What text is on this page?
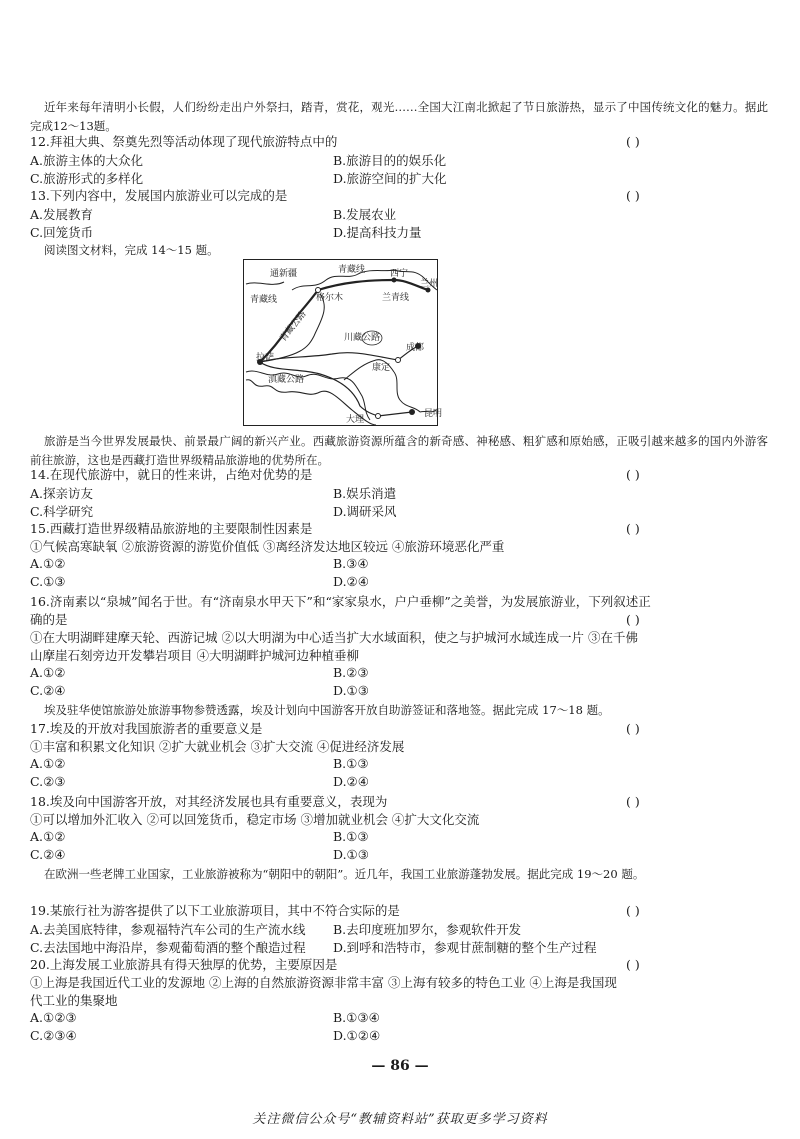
近年来每年清明小长假，人们纷纷走出户外祭扫，踏青，赏花，观光……全国大江南北掀起了节日旅游热，显示了中国传统文化的魅力。据此完成12～13题。
12.拜祖大典、祭奠先烈等活动体现了现代旅游特点中的	( )
A.旅游主体的大众化	B.旅游目的的娱乐化
C.旅游形式的多样化	D.旅游空间的扩大化
13.下列内容中，发展国内旅游业可以完成的是	( )
A.发展教育	B.发展农业
C.回笼货币	D.提高科技力量
阅读图文材料，完成 14～15 题。
通新疆	青藏线	西宁
兰州
青藏线	格尔木	兰青线
青藏公路	川藏公路
成都
拉萨
康定
滇藏公路
大理
昆明
旅游是当今世界发展最快、前景最广阔的新兴产业。西藏旅游资源所蕴含的新奇感、神秘感、粗犷感和原始感，正吸引越来越多的国内外游客前往旅游，这也是西藏打造世界级精品旅游地的优势所在。
14.在现代旅游中，就日的性来讲，占绝对优势的是	( )
A.探亲访友	B.娱乐消遣
C.科学研究	D.调研采风
15.西藏打造世界级精品旅游地的主要限制性因素是	( )
①气候高寒缺氧 ②旅游资源的游览价值低 ③离经济发达地区较远 ④旅游环境恶化严重
A.①②	B.③④
C.①③	D.②④
16.济南素以“泉城”闻名于世。有“济南泉水甲天下”和“家家泉水，户户垂柳”之美誉，为发展旅游业，下列叙述正
确的是	( )
①在大明湖畔建摩天轮、西游记城 ②以大明湖为中心适当扩大水域面积，使之与护城河水域连成一片 ③在千佛
山摩崖石刻旁边开发攀岩项目 ④大明湖畔护城河边种植垂柳
A.①②	B.②③
C.②④	D.①③
埃及驻华使馆旅游处旅游事物参赞透露，埃及计划向中国游客开放自助游签证和落地签。据此完成 17～18 题。
17.埃及的开放对我国旅游者的重要意义是	( )
①丰富和积累文化知识 ②扩大就业机会 ③扩大交流 ④促进经济发展
A.①②	B.①③
C.②③	D.②④
18.埃及向中国游客开放，对其经济发展也具有重要意义，表现为	( )
①可以增加外汇收入 ②可以回笼货币，稳定市场 ③增加就业机会 ④扩大文化交流
A.①②	B.①③
C.②④	D.①③
在欧洲一些老牌工业国家，工业旅游被称为“朝阳中的朝阳”。近几年，我国工业旅游蓬勃发展。据此完成 19～20 题。
19.某旅行社为游客提供了以下工业旅游项目，其中不符合实际的是	( )
A.去美国底特律，参观福特汽车公司的生产流水线 B.去印度班加罗尔，参观软件开发
C.去法国地中海沿岸，参观葡萄酒的整个酿造过程 D.到呼和浩特市，参观甘蔗制糖的整个生产过程
20.上海发展工业旅游具有得天独厚的优势，主要原因是	( )
①上海是我国近代工业的发源地 ②上海的自然旅游资源非常丰富 ③上海有较多的特色工业 ④上海是我国现
代工业的集聚地
A.①②③	B.①③④
C.②③④	D.①②④
— 86 —
关注微信公众号“教辅资料站”获取更多学习资料
